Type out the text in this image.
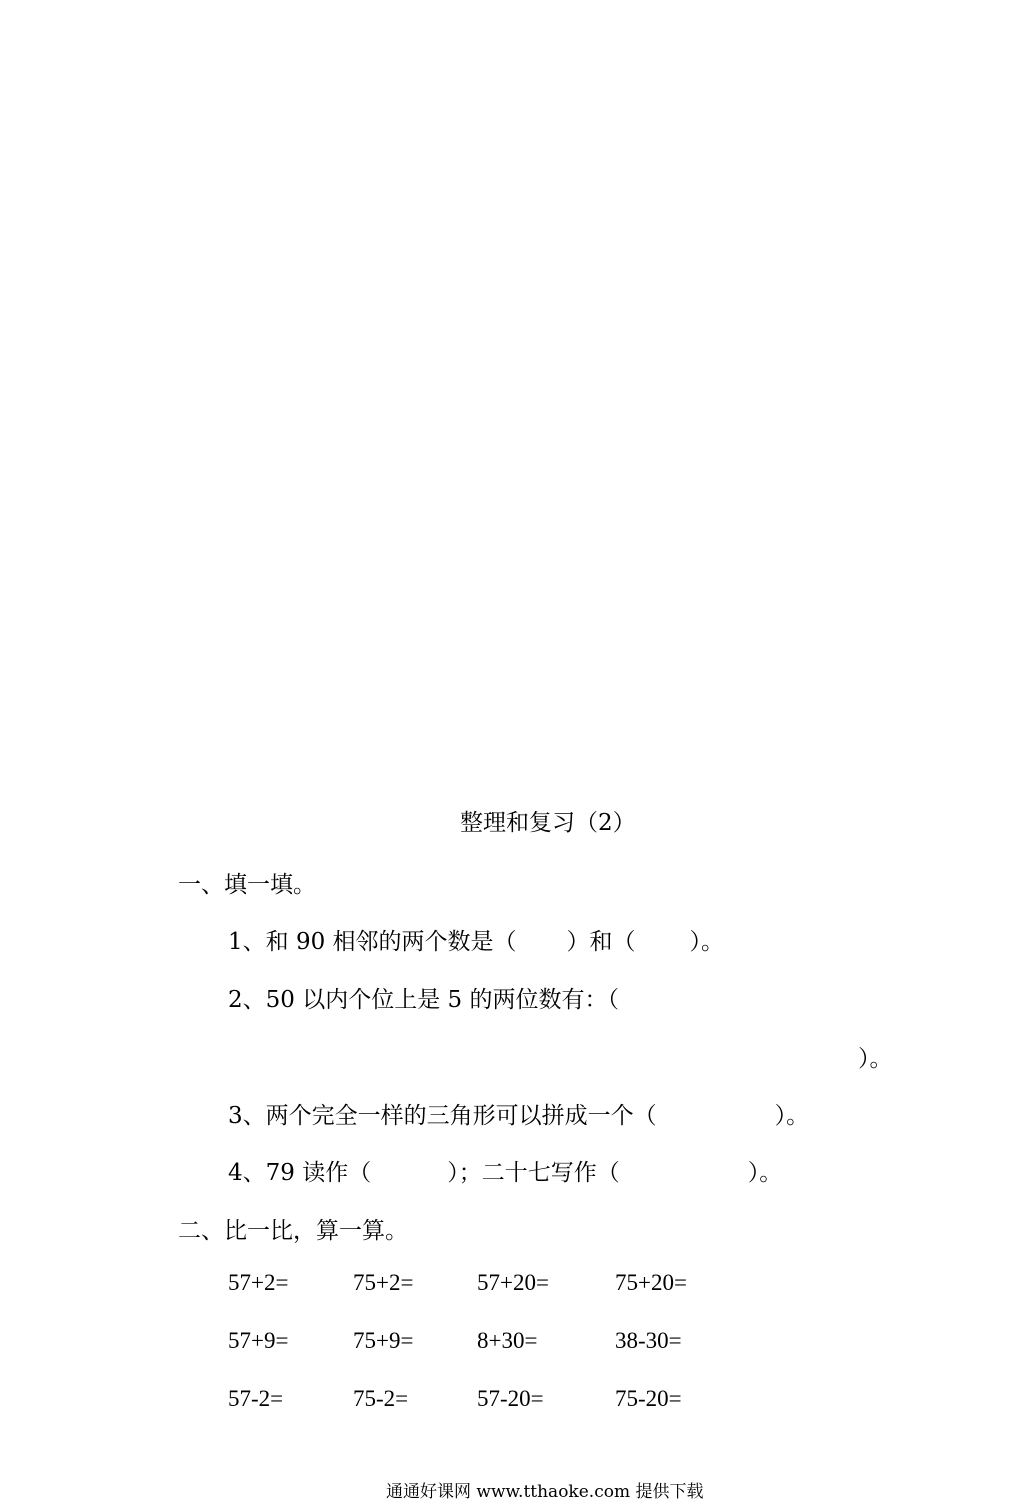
整理和复习（2）
一、填一填。
1、和 90 相邻的两个数是（ ）和（ ）。
2、50 以内个位上是 5 的两位数有：（
）。
3、两个完全一样的三角形可以拼成一个（	）。
4、79 读作（	）；二十七写作（	）。
二、比一比，算一算。
57+2=	75+2=	57+20=	75+20=
57+9=	75+9=	8+30=	38-30=
57-2=	75-2=	57-20=	75-20=
通通好课网 www.tthaoke.com 提供下载
